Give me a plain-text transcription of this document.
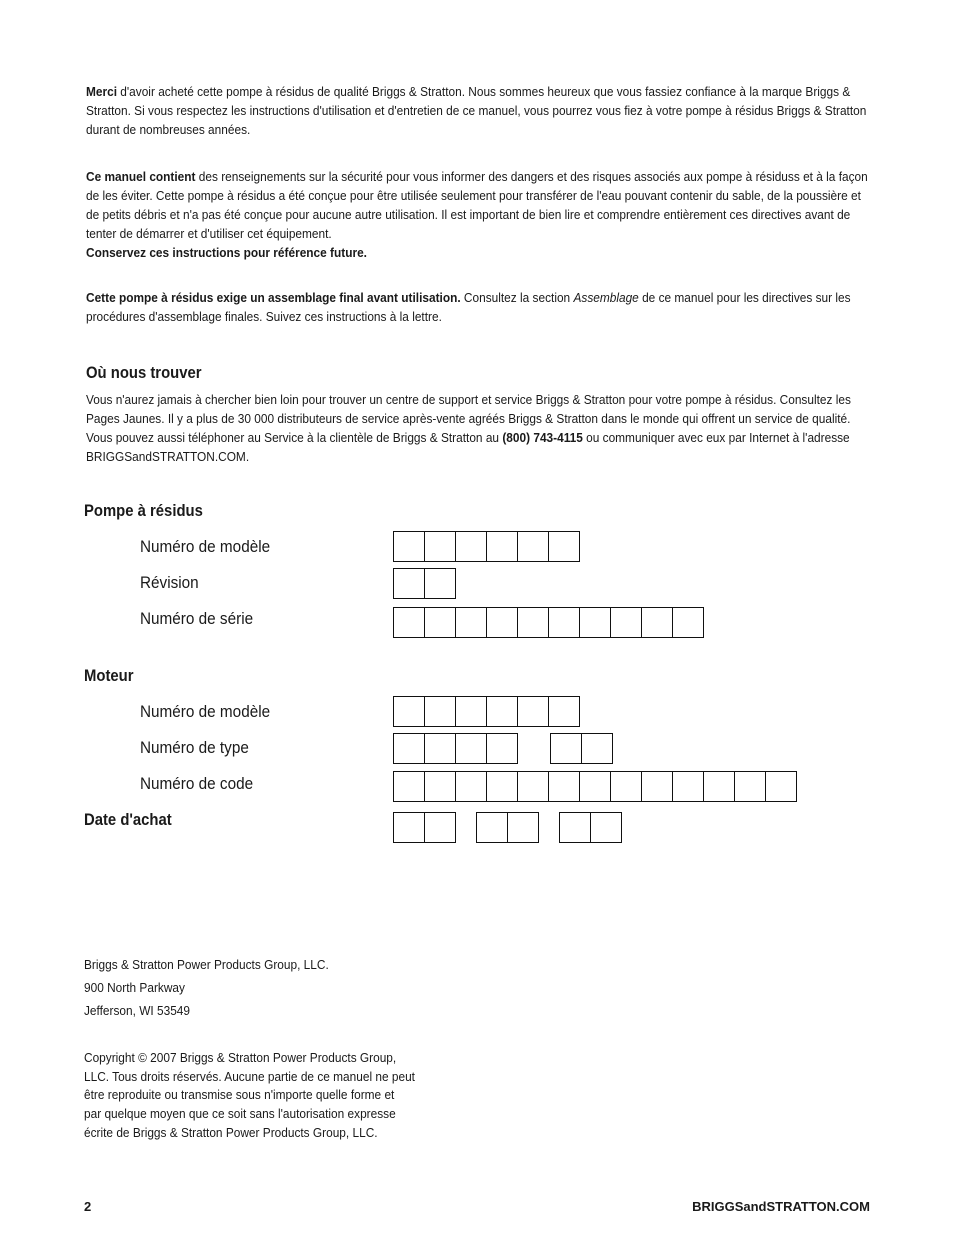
Merci d'avoir acheté cette pompe à résidus de qualité Briggs & Stratton. Nous sommes heureux que vous fassiez confiance à la marque Briggs & Stratton. Si vous respectez les instructions d'utilisation et d'entretien de ce manuel, vous pourrez vous fiez à votre pompe à résidus Briggs & Stratton durant de nombreuses années.
Ce manuel contient des renseignements sur la sécurité pour vous informer des dangers et des risques associés aux pompe à résiduss et à la façon de les éviter. Cette pompe à résidus a été conçue pour être utilisée seulement pour transférer de l'eau pouvant contenir du sable, de la poussière et de petits débris et n'a pas été conçue pour aucune autre utilisation. Il est important de bien lire et comprendre entièrement ces directives avant de tenter de démarrer et d'utiliser cet équipement.
Conservez ces instructions pour référence future.
Cette pompe à résidus exige un assemblage final avant utilisation. Consultez la section Assemblage de ce manuel pour les directives sur les procédures d'assemblage finales. Suivez ces instructions à la lettre.
Où nous trouver
Vous n'aurez jamais à chercher bien loin pour trouver un centre de support et service Briggs & Stratton pour votre pompe à résidus. Consultez les Pages Jaunes. Il y a plus de 30 000 distributeurs de service après-vente agréés Briggs & Stratton dans le monde qui offrent un service de qualité. Vous pouvez aussi téléphoner au Service à la clientèle de Briggs & Stratton au (800) 743-4115 ou communiquer avec eux par Internet à l'adresse BRIGGSandSTRATTON.COM.
Pompe à résidus
Numéro de modèle
Révision
Numéro de série
Moteur
Numéro de modèle
Numéro de type
Numéro de code
Date d'achat
Briggs & Stratton Power Products Group, LLC.
900 North Parkway
Jefferson, WI 53549
Copyright © 2007 Briggs & Stratton Power Products Group,
LLC. Tous droits réservés. Aucune partie de ce manuel ne peut
être reproduite ou transmise sous n'importe quelle forme et
par quelque moyen que ce soit sans l'autorisation expresse
écrite de Briggs & Stratton Power Products Group, LLC.
2	BRIGGSandSTRATTON.COM
